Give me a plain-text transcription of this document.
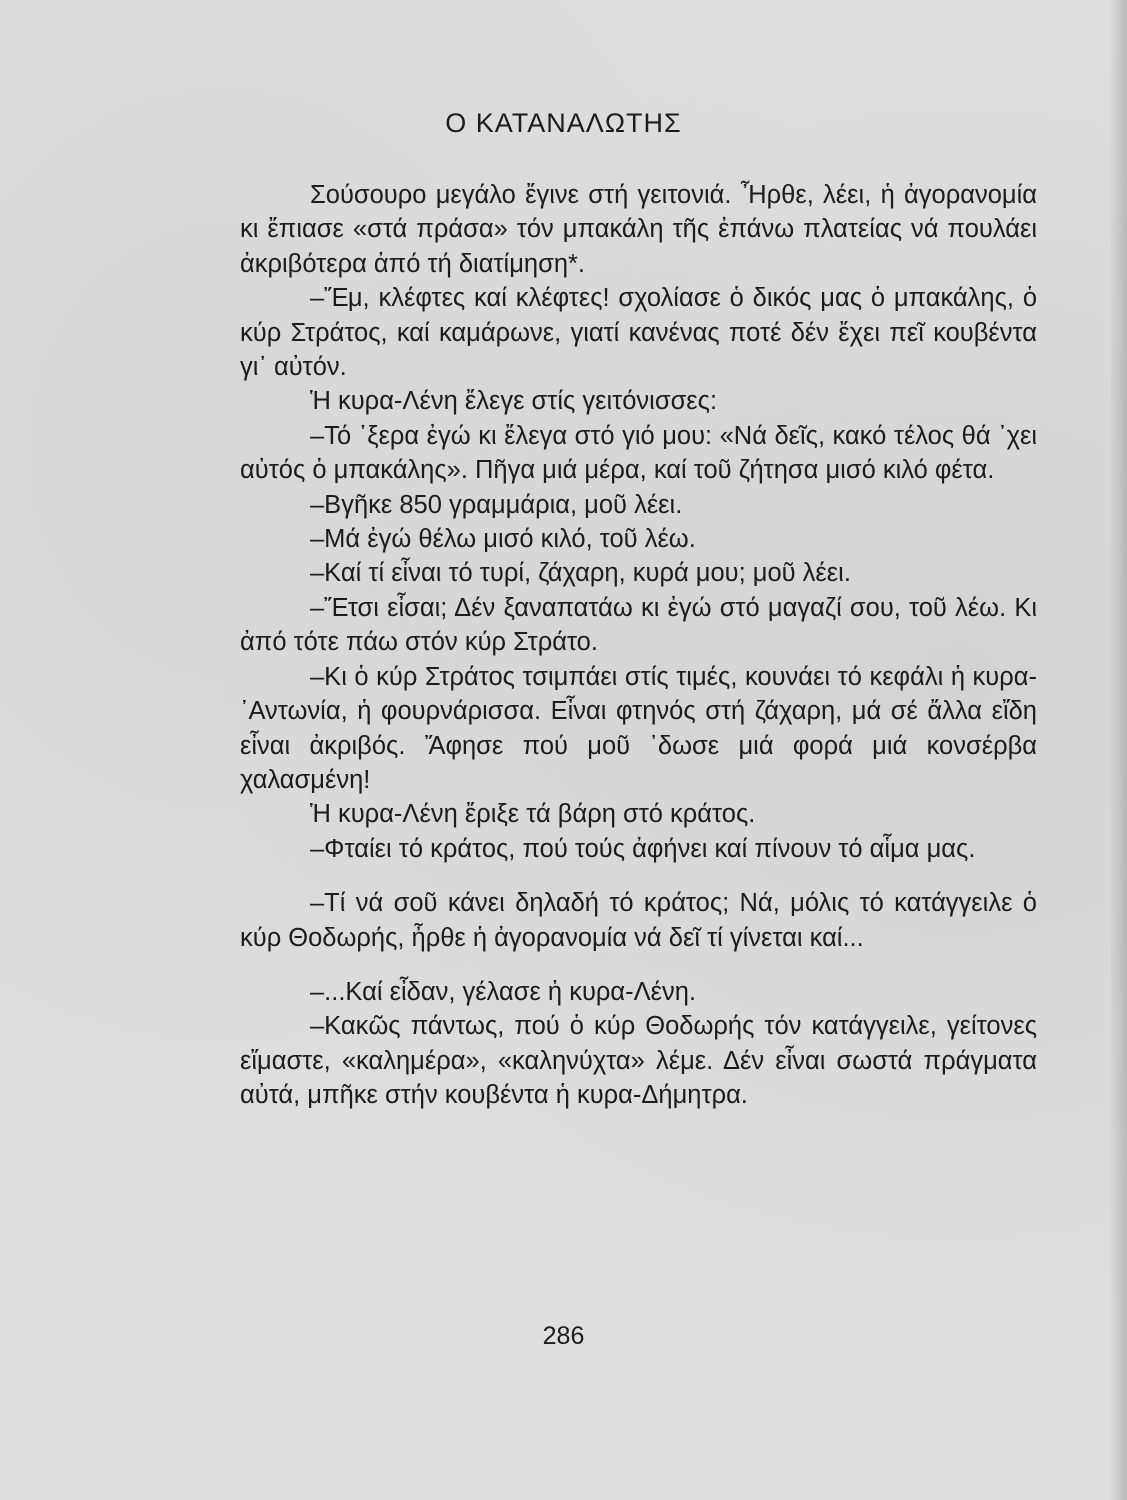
Ο ΚΑΤΑΝΑΛΩΤΗΣ

Σούσουρο μεγάλο ἔγινε στή γειτονιά. Ἦρθε, λέει, ἡ ἀγορανομία κι ἔπιασε «στά πράσα» τόν μπακάλη τῆς ἐπάνω πλατείας νά πουλάει ἀκριβότερα ἀπό τή διατίμηση*.

–Ἔμ, κλέφτες καί κλέφτες! σχολίασε ὁ δικός μας ὁ μπακάλης, ὁ κύρ Στράτος, καί καμάρωνε, γιατί κανένας ποτέ δέν ἔχει πεῖ κουβέντα γι᾽ αὐτόν.

Ἡ κυρα-Λένη ἔλεγε στίς γειτόνισσες:

–Τό ᾽ξερα ἐγώ κι ἔλεγα στό γιό μου: «Νά δεῖς, κακό τέλος θά ᾽χει αὐτός ὁ μπακάλης». Πῆγα μιά μέρα, καί τοῦ ζήτησα μισό κιλό φέτα.

–Βγῆκε 850 γραμμάρια, μοῦ λέει.

–Μά ἐγώ θέλω μισό κιλό, τοῦ λέω.

–Καί τί εἶναι τό τυρί, ζάχαρη, κυρά μου; μοῦ λέει.

–Ἔτσι εἶσαι; Δέν ξαναπατάω κι ἐγώ στό μαγαζί σου, τοῦ λέω. Κι ἀπό τότε πάω στόν κύρ Στράτο.

–Κι ὁ κύρ Στράτος τσιμπάει στίς τιμές, κουνάει τό κεφάλι ἡ κυρα-᾽Αντωνία, ἡ φουρνάρισσα. Εἶναι φτηνός στή ζάχαρη, μά σέ ἄλλα εἴδη εἶναι ἀκριβός. Ἄφησε πού μοῦ ᾽δωσε μιά φορά μιά κονσέρβα χαλασμένη!

Ἡ κυρα-Λένη ἔριξε τά βάρη στό κράτος.

–Φταίει τό κράτος, πού τούς ἀφήνει καί πίνουν τό αἷμα μας.

–Τί νά σοῦ κάνει δηλαδή τό κράτος; Νά, μόλις τό κατάγγειλε ὁ κύρ Θοδωρής, ἦρθε ἡ ἀγορανομία νά δεῖ τί γίνεται καί...

–...Καί εἶδαν, γέλασε ἡ κυρα-Λένη.

–Κακῶς πάντως, πού ὁ κύρ Θοδωρής τόν κατάγγειλε, γείτονες εἴμαστε, «καλημέρα», «καληνύχτα» λέμε. Δέν εἶναι σωστά πράγματα αὐτά, μπῆκε στήν κουβέντα ἡ κυρα-Δήμητρα.

286
